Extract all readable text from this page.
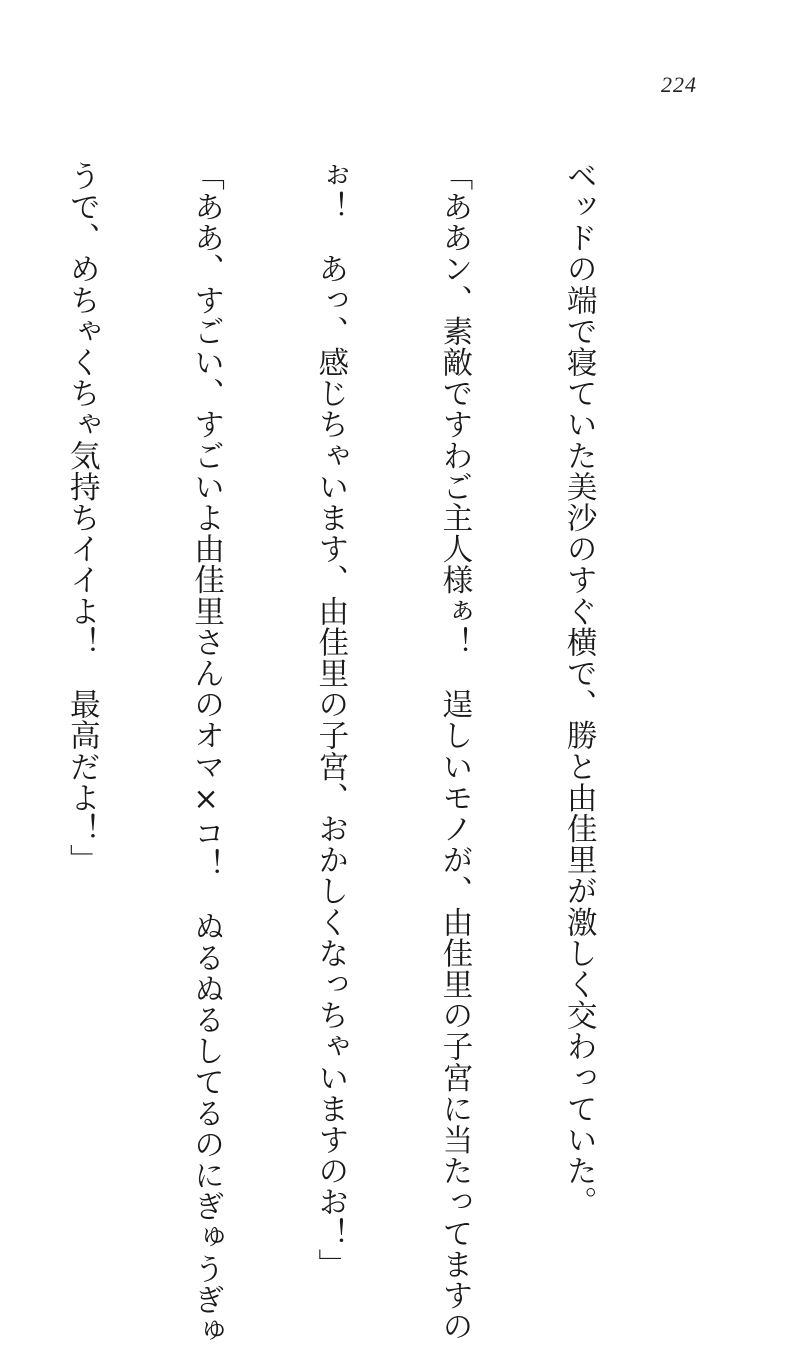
224

ベッドの端で寝ていた美沙のすぐ横で、勝と由佳里が激しく交わっていた。

「ああン、素敵ですわご主人様ぁ！　逞しいモノが、由佳里の子宮に当たってますの

ぉ！　あっ、感じちゃいます、由佳里の子宮、おかしくなっちゃいますのお！」

「ああ、すごい、すごいよ由佳里さんのオマ×コ！　ぬるぬるしてるのにぎゅうぎゅ

うで、めちゃくちゃ気持ちイイよ！　最高だよ！」
